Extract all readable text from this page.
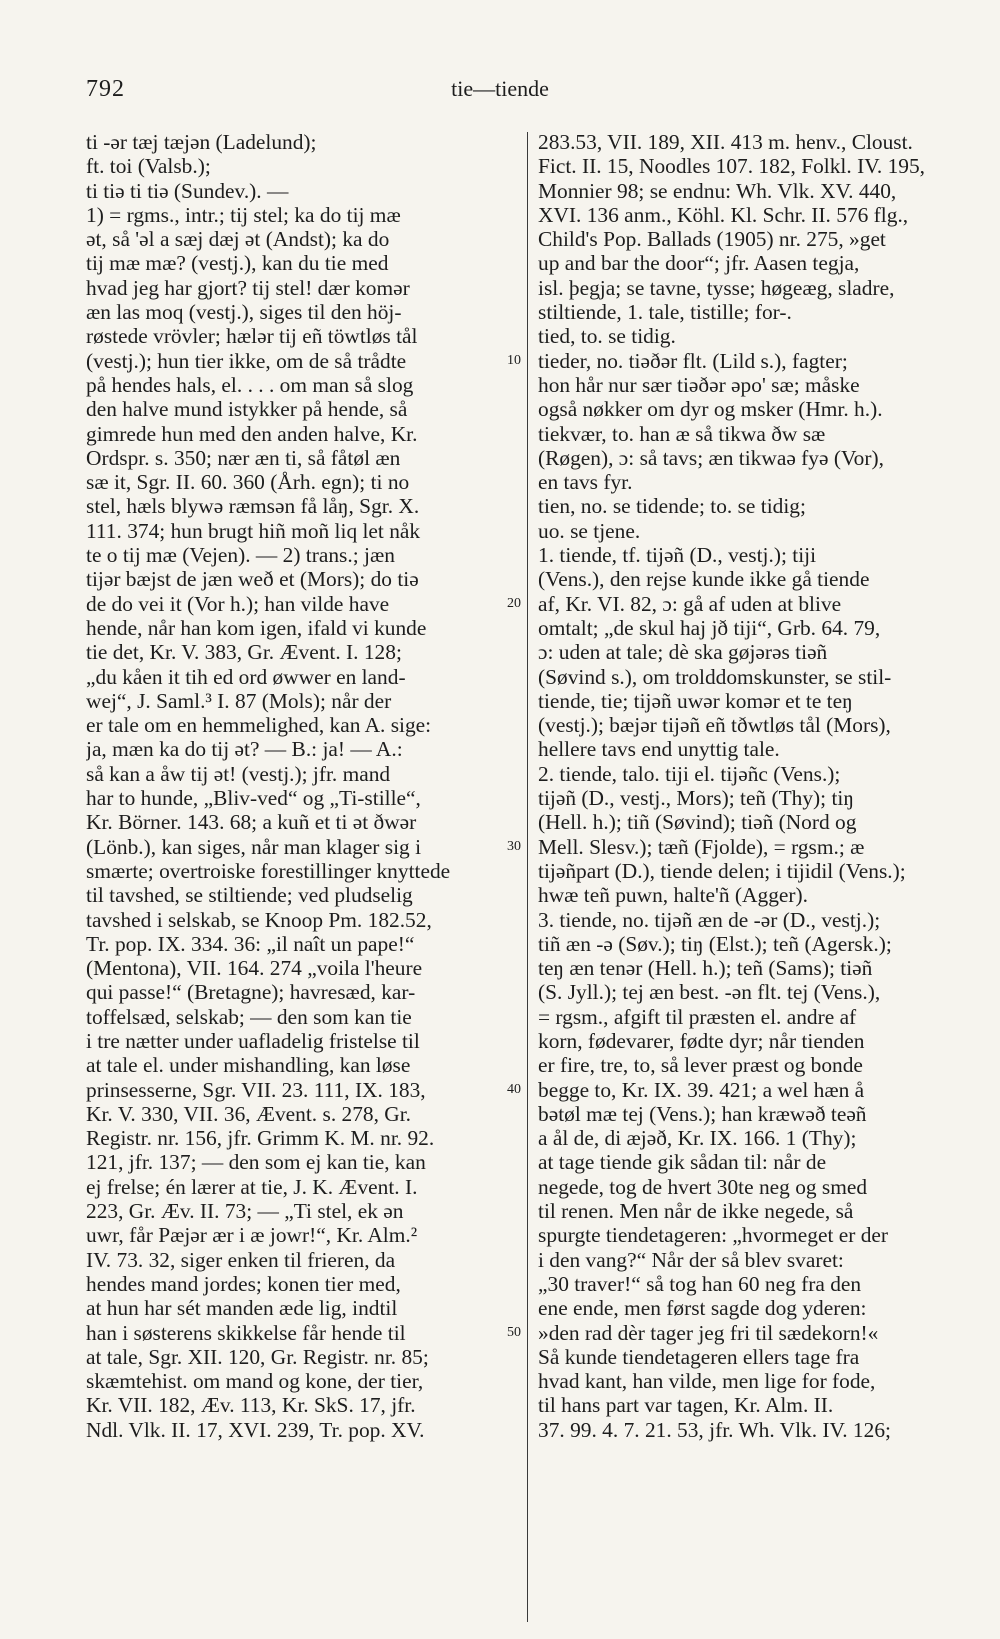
792	tie—tiende
ti -ər tæj tæjən (Ladelund);
ft. toi (Valsb.);
ti tiə ti tiə (Sundev.). —
1) = rgms., intr.; tij stel; ka do tij mæ
ət, så 'əl a sæj dæj ət (Andst); ka do
tij mæ mæ? (vestj.), kan du tie med
hvad jeg har gjort? tij stel! dær komər
æn las moq (vestj.), siges til den höj-
røstede vrövler; hælər tij eñ töwtløs tål
(vestj.); hun tier ikke, om de så trådte
på hendes hals, el. . . . om man så slog
den halve mund istykker på hende, så
gimrede hun med den anden halve, Kr.
Ordspr. s. 350; nær æn ti, så fåtøl æn
sæ it, Sgr. II. 60. 360 (Årh. egn); ti no
stel, hæls blywə ræmsən få låŋ, Sgr. X.
111. 374; hun brugt hiñ moñ liq let nåk
te o tij mæ (Vejen). — 2) trans.; jæn
tijər bæjst de jæn weð et (Mors); do tiə
de do vei it (Vor h.); han vilde have
hende, når han kom igen, ifald vi kunde
tie det, Kr. V. 383, Gr. Ævent. I. 128;
„du kåen it tih ed ord øwwer en land-
wej“, J. Saml.³ I. 87 (Mols); når der
er tale om en hemmelighed, kan A. sige:
ja, mæn ka do tij ət? — B.: ja! — A.:
så kan a åw tij ət! (vestj.); jfr. mand
har to hunde, „Bliv-ved“ og „Ti-stille“,
Kr. Börner. 143. 68; a kuñ et ti ət ðwər
(Lönb.), kan siges, når man klager sig i
smærte; overtroiske forestillinger knyttede
til tavshed, se stiltiende; ved pludselig
tavshed i selskab, se Knoop Pm. 182.52,
Tr. pop. IX. 334. 36: „il naît un pape!“
(Mentona), VII. 164. 274 „voila l'heure
qui passe!“ (Bretagne); havresæd, kar-
toffelsæd, selskab; — den som kan tie
i tre nætter under uafladelig fristelse til
at tale el. under mishandling, kan løse
prinsesserne, Sgr. VII. 23. 111, IX. 183,
Kr. V. 330, VII. 36, Ævent. s. 278, Gr.
Registr. nr. 156, jfr. Grimm K. M. nr. 92.
121, jfr. 137; — den som ej kan tie, kan
ej frelse; én lærer at tie, J. K. Ævent. I.
223, Gr. Æv. II. 73; — „Ti stel, ek ən
uwr, får Pæjər ær i æ jowr!“, Kr. Alm.²
IV. 73. 32, siger enken til frieren, da
hendes mand jordes; konen tier med,
at hun har sét manden æde lig, indtil
han i søsterens skikkelse får hende til
at tale, Sgr. XII. 120, Gr. Registr. nr. 85;
skæmtehist. om mand og kone, der tier,
Kr. VII. 182, Æv. 113, Kr. SkS. 17, jfr.
Ndl. Vlk. II. 17, XVI. 239, Tr. pop. XV.
10
20
30
40
50
283.53, VII. 189, XII. 413 m. henv., Cloust.
Fict. II. 15, Noodles 107. 182, Folkl. IV. 195,
Monnier 98; se endnu: Wh. Vlk. XV. 440,
XVI. 136 anm., Köhl. Kl. Schr. II. 576 flg.,
Child's Pop. Ballads (1905) nr. 275, »get
up and bar the door“; jfr. Aasen tegja,
isl. þegja; se tavne, tysse; høgeæg, sladre,
stiltiende, 1. tale, tistille; for-.
tied, to. se tidig.
tieder, no. tiəðər flt. (Lild s.), fagter;
hon hår nur sær tiəðər əpo' sæ; måske
også nøkker om dyr og msker (Hmr. h.).
tiekvær, to. han æ så tikwa ðw sæ
(Røgen), ɔ: så tavs; æn tikwaə fyə (Vor),
en tavs fyr.
tien, no. se tidende; to. se tidig;
uo. se tjene.
1. tiende, tf. tijəñ (D., vestj.); tiji
(Vens.), den rejse kunde ikke gå tiende
af, Kr. VI. 82, ɔ: gå af uden at blive
omtalt; „de skul haj jð tiji“, Grb. 64. 79,
ɔ: uden at tale; dè ska gøjərəs tiəñ
(Søvind s.), om trolddomskunster, se stil-
tiende, tie; tijəñ uwər komər et te teŋ
(vestj.); bæjər tijəñ eñ tðwtløs tål (Mors),
hellere tavs end unyttig tale.
2. tiende, talo. tiji el. tijəñc (Vens.);
tijəñ (D., vestj., Mors); teñ (Thy); tiŋ
(Hell. h.); tiñ (Søvind); tiəñ (Nord og
Mell. Slesv.); tæñ (Fjolde), = rgsm.; æ
tijəñpart (D.), tiende delen; i tijidil (Vens.);
hwæ teñ puwn, halte'ñ (Agger).
3. tiende, no. tijəñ æn de -ər (D., vestj.);
tiñ æn -ə (Søv.); tiŋ (Elst.); teñ (Agersk.);
teŋ æn tenər (Hell. h.); teñ (Sams); tiəñ
(S. Jyll.); tej æn best. -ən flt. tej (Vens.),
= rgsm., afgift til præsten el. andre af
korn, fødevarer, fødte dyr; når tienden
er fire, tre, to, så lever præst og bonde
begge to, Kr. IX. 39. 421; a wel hæn å
bətøl mæ tej (Vens.); han kræwəð teəñ
a ål de, di æjəð, Kr. IX. 166. 1 (Thy);
at tage tiende gik sådan til: når de
negede, tog de hvert 30te neg og smed
til renen. Men når de ikke negede, så
spurgte tiendetageren: „hvormeget er der
i den vang?“ Når der så blev svaret:
„30 traver!“ så tog han 60 neg fra den
ene ende, men først sagde dog yderen:
»den rad dèr tager jeg fri til sædekorn!«
Så kunde tiendetageren ellers tage fra
hvad kant, han vilde, men lige for fode,
til hans part var tagen, Kr. Alm. II.
37. 99. 4. 7. 21. 53, jfr. Wh. Vlk. IV. 126;
